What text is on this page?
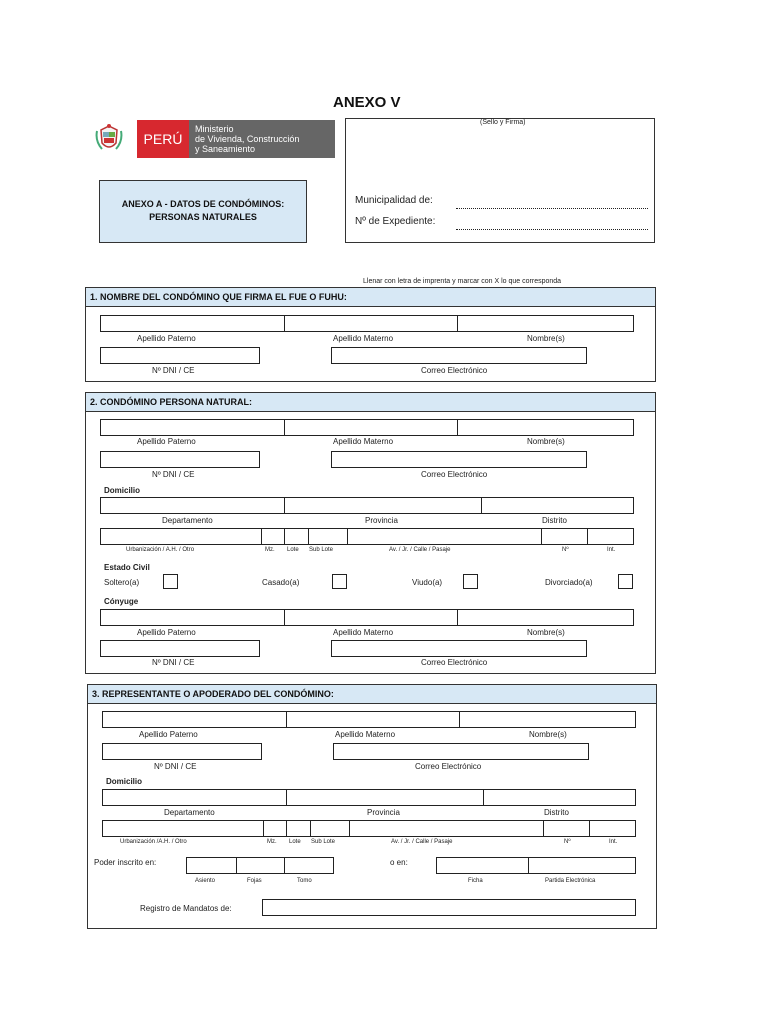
ANEXO V
PERÚ
Ministerio
de Vivienda, Construcción
y Saneamiento
(Sello y Firma)
Municipalidad de:
Nº de Expediente:
ANEXO A - DATOS DE CONDÓMINOS:
PERSONAS NATURALES
Llenar con letra de imprenta y marcar con X lo que corresponda
1. NOMBRE DEL CONDÓMINO QUE FIRMA EL FUE O FUHU:
Apellido Paterno	Apellido Materno	Nombre(s)
Nº DNI / CE	Correo Electrónico
2. CONDÓMINO PERSONA NATURAL:
Apellido Paterno	Apellido Materno	Nombre(s)
Nº DNI / CE	Correo Electrónico
Domicilio
Departamento	Provincia	Distrito
Urbanización / A.H. / Otro	Mz. Lote Sub Lote	Av. / Jr. / Calle / Pasaje	Nº	Int.
Estado Civil
Soltero(a)	Casado(a)	Viudo(a)	Divorciado(a)
Cónyuge
Apellido Paterno	Apellido Materno	Nombre(s)
Nº DNI / CE	Correo Electrónico
3. REPRESENTANTE O APODERADO DEL CONDÓMINO:
Apellido Paterno	Apellido Materno	Nombre(s)
Nº DNI / CE	Correo Electrónico
Domicilio
Departamento	Provincia	Distrito
Urbanización /A.H. / Otro	Mz. Lote Sub Lote	Av. / Jr. / Calle / Pasaje	Nº	Int.
Poder inscrito en:
Asiento	Fojas	Tomo
o en:
Ficha	Partida Electrónica
Registro de Mandatos de:
